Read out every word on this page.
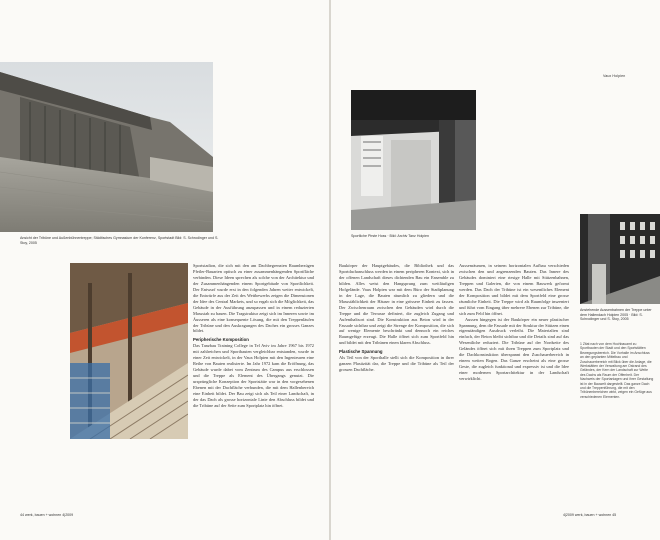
Ansicht der Tribüne und Außenbühnentreppe; Städtisches Gymnasium der Konferenz, Sportstadt Bild: S. Schrodinger und S. Stoy, 2005

Sportstadion, die sich mit den am Dachbegrenzten Raumbezügen Pfeiler-Bauarten optisch zu einer zusammenhängenden Sportfläche verbinden. Diese Ideen sprechen als solche von der Architektur und der Zusammenhängenden einem Sportgebäude von Sportlichkeit. Der Entwurf wurde erst in den folgenden Jahren weiter entwickelt, die Entwürfe aus der Zeit des Wettbewerbs zeigen die Dimensionen der Idee des Central Markets, und so ergab sich die Möglichkeit, das Gebäude in der Ausführung anzupassen und in einem reduzierten Massstab zu bauen. Die Tragstruktur zeigt sich im Inneren sowie im Äusseren als eine konsequente Lösung, die mit den Treppenläufen der Tribüne und den Auskragungen des Daches ein grosses Ganzes bildet.

Peripherische Komposition

Das Tanzbau Training College in Tel Aviv im Jahre 1967 bis 1972 mit zahlreichen und Sportbauten vergleichbar entstanden, wurde in einer Zeit entwickelt, in der Vaux Holpien mit den Ingenieuren eine Reihe von Bauten realisierte. Im Jahr 1972 kam die Eröffnung, das Gebäude wurde dabei vom Zentrum des Campus aus erschlossen und die Treppe als Element des Übergangs genutzt. Die ursprüngliche Konzeption der Sportstätte war in den vorgesehenen Ebenen mit der Dachfläche verbunden, die mit dem Hallenbereich eine Einheit bildet. Der Bau zeigt sich als Teil einer Landschaft, in der das Dach als grosse horizontale Linie den Abschluss bildet und die Tribüne auf der Seite zum Sportplatz hin öffnet.

44 werk, bauen + wohnen 4|2009
Vaux Holpien
Sportliche Pirste Hoss · Bild: Archiv Tanz Holpien

Baukörper der Hauptgebäudes, die Bibliothek und das Sportdachanschluss werden in einem peripheren Kontext, sich in der offenen Landschaft dieses dichtenden Bau ein Ensemble zu bilden. Alles weist den Hangsprung zum weitläufigen Hofgelände. Vaux Holpien war mit dem Büro der Stadtplanung in der Lage, die Bauten räumlich zu gliedern und die Massstäblichkeit der Häuser in eine grössere Einheit zu fassen. Der Zwischenraum zwischen den Gebäuden wird durch die Treppe und die Terrasse definiert, die zugleich Zugang und Aufenthaltsort sind. Die Konstruktion aus Beton wird in der Fassade sichtbar und zeigt die Strenge der Komposition, die sich auf wenige Elemente beschränkt und dennoch ein reiches Raumgefüge erzeugt. Die Halle öffnet sich zum Sportfeld hin und bildet mit den Tribünen einen klaren Abschluss.

Plastische Spannung

Als Teil von der Sporthalle stellt sich die Komposition in ihrer ganzen Plastizität dar, die Treppe und die Tribüne als Teil der grossen Dachfläche.

Aussenräumen, in seinem horizontalen Aufbau verschieden zwischen den und angrenzenden Bauten. Das Innere des Gebäudes dominiert eine riesige Halle mit Stützenbahnen, Treppen und Galerien, die von einem Bauwerk geformt werden. Das Dach der Tribüne ist ein wesentliches Element der Komposition und bildet mit dem Sportfeld eine grosse räumliche Einheit. Die Treppe wird als Raumfolge inszeniert und führt vom Eingang über mehrere Ebenen zur Tribüne, die sich zum Feld hin öffnet.

Aussen hingegen ist der Baukörper ein neuer plastischer Spannung, dem die Fassade mit der Struktur der Stützen einen eigenständigen Ausdruck verleiht. Die Materialien sind einfach, der Beton bleibt sichtbar und die Details sind auf das Wesentliche reduziert. Die Tribüne auf der Nordseite des Geländes öffnet sich mit ihren Treppen zum Sportplatz und die Dachkonstruktion überspannt den Zuschauerbereich in einem weiten Bogen. Das Ganze erscheint als eine grosse Geste, die zugleich funktional und expressiv ist und die Idee einer modernen Sportarchitektur in der Landschaft verwirklicht.

Anstehende Aussenbahnen der Treppe unter dem Hallendach Holpien 2005 · Bild: S. Schrodinger und S. Stoy, 2005
1 Zitat nach von dem Hochbauamt zu Sportbauten der Stadt und den Sportstätten Bewegungsbereich. Die Vorhalle im Anschluss an den geplanten Mittelbau und Zuschauerbereich mit Blick über die Anlage, die Werkstätten der Verwaltung am Ostrand des Geländes, der Kern der Landschaft zur Weite des Dachs als Raum der Offenheit. Der Nachweis der Sportanlagen und ihrer Gestaltung ist in der Bauwelt dargestellt. Das ganze Dach und die Treppenführung, die mit den Tribünenbereichen wirkt, zeigen ein Gefüge aus verschiedenen Elementen.
4|2009 werk, bauen + wohnen 45
